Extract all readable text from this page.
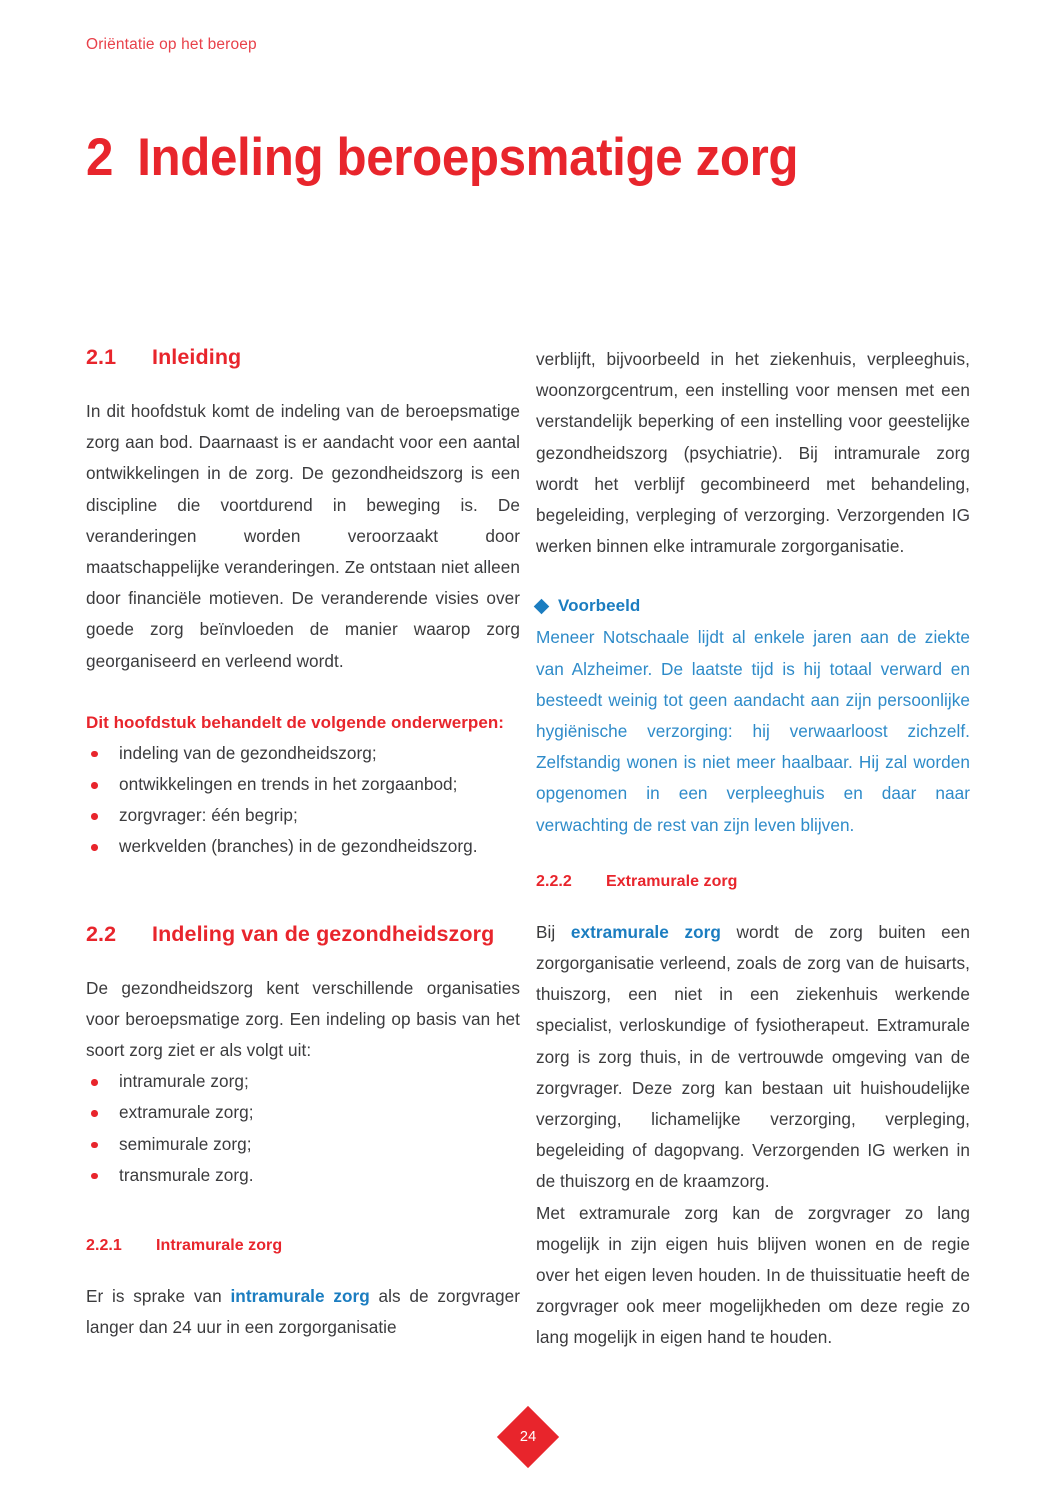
Oriëntatie op het beroep
2 Indeling beroepsmatige zorg
2.1	Inleiding

In dit hoofdstuk komt de indeling van de beroepsmatige zorg aan bod. Daarnaast is er aandacht voor een aantal ontwikkelingen in de zorg. De gezondheidszorg is een discipline die voortdurend in beweging is. De veranderingen worden veroorzaakt door maatschappelijke veranderingen. Ze ontstaan niet alleen door financiële motieven. De veranderende visies over goede zorg beïnvloeden de manier waarop zorg georganiseerd en verleend wordt.

Dit hoofdstuk behandelt de volgende onderwerpen:

indeling van de gezondheidszorg;
ontwikkelingen en trends in het zorgaanbod;
zorgvrager: één begrip;
werkvelden (branches) in de gezondheidszorg.
2.2	Indeling van de gezondheidszorg

De gezondheidszorg kent verschillende organisaties voor beroepsmatige zorg. Een indeling op basis van het soort zorg ziet er als volgt uit:

intramurale zorg;
extramurale zorg;
semimurale zorg;
transmurale zorg.
2.2.1	Intramurale zorg

Er is sprake van intramurale zorg als de zorgvrager langer dan 24 uur in een zorgorganisatie

verblijft, bijvoorbeeld in het ziekenhuis, verpleeghuis, woonzorgcentrum, een instelling voor mensen met een verstandelijk beperking of een instelling voor geestelijke gezondheidszorg (psychiatrie). Bij intramurale zorg wordt het verblijf gecombineerd met behandeling, begeleiding, verpleging of verzorging. Verzorgenden IG werken binnen elke intramurale zorgorganisatie.

Voorbeeld

Meneer Notschaale lijdt al enkele jaren aan de ziekte van Alzheimer. De laatste tijd is hij totaal verward en besteedt weinig tot geen aandacht aan zijn persoonlijke hygiënische verzorging: hij verwaarloost zichzelf. Zelfstandig wonen is niet meer haalbaar. Hij zal worden opgenomen in een verpleeghuis en daar naar verwachting de rest van zijn leven blijven.

2.2.2	Extramurale zorg

Bij extramurale zorg wordt de zorg buiten een zorgorganisatie verleend, zoals de zorg van de huisarts, thuiszorg, een niet in een ziekenhuis werkende specialist, verloskundige of fysiotherapeut. Extramurale zorg is zorg thuis, in de vertrouwde omgeving van de zorgvrager. Deze zorg kan bestaan uit huishoudelijke verzorging, lichamelijke verzorging, verpleging, begeleiding of dagopvang. Verzorgenden IG werken in de thuiszorg en de kraamzorg.

Met extramurale zorg kan de zorgvrager zo lang mogelijk in zijn eigen huis blijven wonen en de regie over het eigen leven houden. In de thuissituatie heeft de zorgvrager ook meer mogelijkheden om deze regie zo lang mogelijk in eigen hand te houden.

24
